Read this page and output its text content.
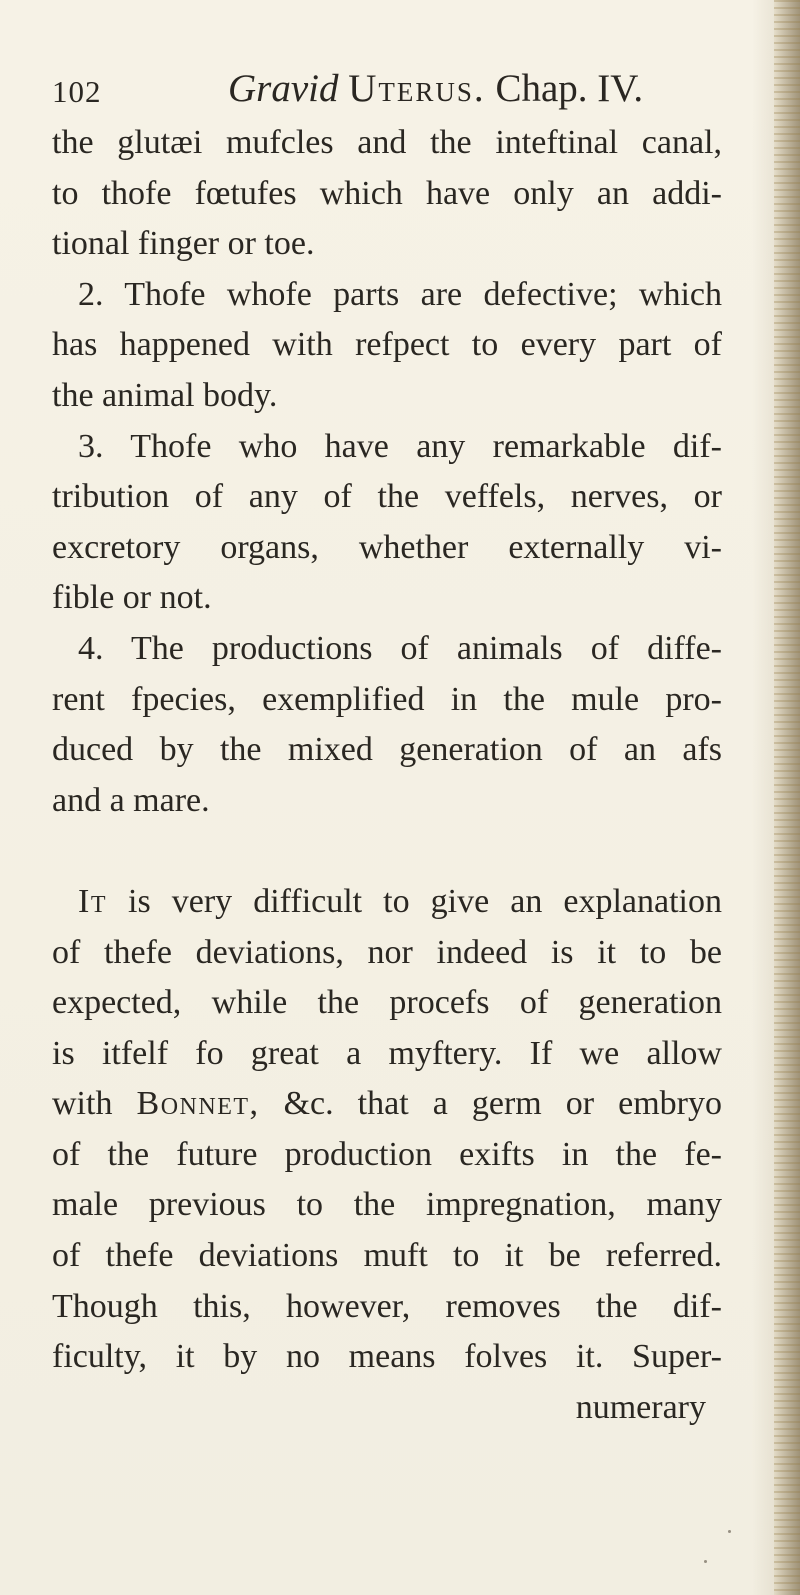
102	Gravid Uterus. Chap. IV.
the glutæi mufcles and the inteftinal canal,
to thofe fœtufes which have only an addi-
tional finger or toe.
2. Thofe whofe parts are defective; which
has happened with refpect to every part of
the animal body.
3. Thofe who have any remarkable dif-
tribution of any of the veffels, nerves, or
excretory organs, whether externally vi-
fible or not.
4. The productions of animals of diffe-
rent fpecies, exemplified in the mule pro-
duced by the mixed generation of an afs
and a mare.
It is very difficult to give an explanation
of thefe deviations, nor indeed is it to be
expected, while the procefs of generation
is itfelf fo great a myftery. If we allow
with Bonnet, &c. that a germ or embryo
of the future production exifts in the fe-
male previous to the impregnation, many
of thefe deviations muft to it be referred.
Though this, however, removes the dif-
ficulty, it by no means folves it. Super-
numerary
